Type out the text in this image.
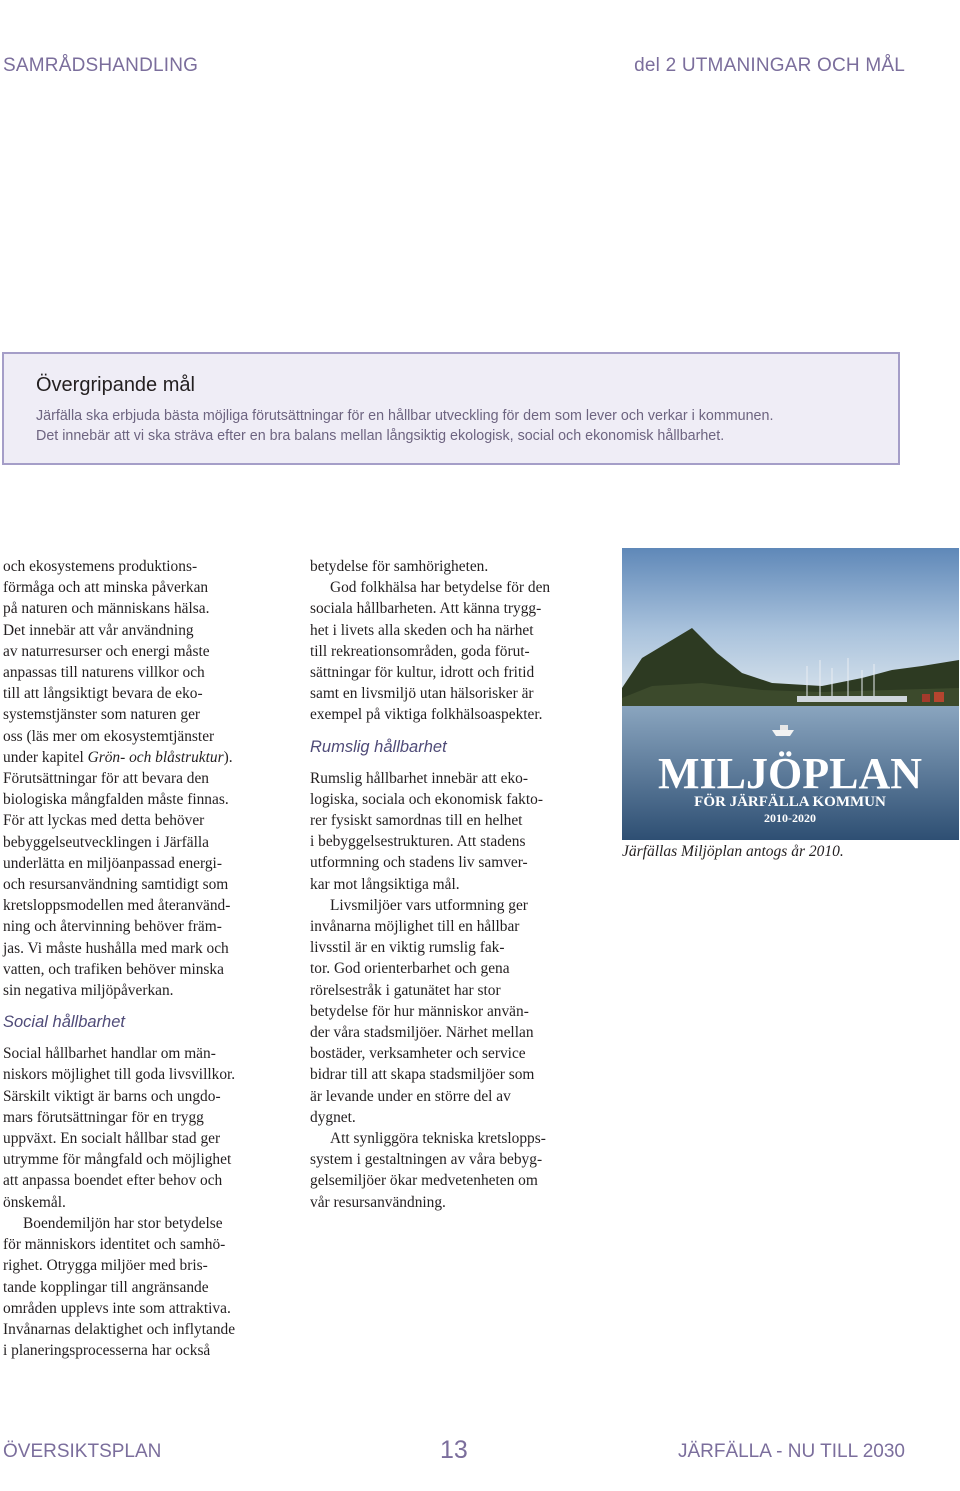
SAMRÅDSHANDLING	del 2 UTMANINGAR OCH MÅL
Övergripande mål
Järfälla ska erbjuda bästa möjliga förutsättningar för en hållbar utveckling för dem som lever och verkar i kommunen.
Det innebär att vi ska sträva efter en bra balans mellan långsiktig ekologisk, social och ekonomisk hållbarhet.

och ekosystemens produktions-
förmåga och att minska påverkan
på naturen och människans hälsa.
Det innebär att vår användning
av naturresurser och energi måste
anpassas till naturens villkor och
till att långsiktigt bevara de eko-
systemstjänster som naturen ger
oss (läs mer om ekosystemtjänster
under kapitel Grön- och blåstruktur).
Förutsättningar för att bevara den
biologiska mångfalden måste finnas.
För att lyckas med detta behöver
bebyggelseutvecklingen i Järfälla
underlätta en miljöanpassad energi-
och resursanvändning samtidigt som
kretsloppsmodellen med återanvänd-
ning och återvinning behöver främ-
jas. Vi måste hushålla med mark och
vatten, och trafiken behöver minska
sin negativa miljöpåverkan.

Social hållbarhet

Social hållbarhet handlar om män-
niskors möjlighet till goda livsvillkor.
Särskilt viktigt är barns och ungdo-
mars förutsättningar för en trygg
uppväxt. En socialt hållbar stad ger
utrymme för mångfald och möjlighet
att anpassa boendet efter behov och
önskemål.

Boendemiljön har stor betydelse
för människors identitet och samhö-
righet. Otrygga miljöer med bris-
tande kopplingar till angränsande
områden upplevs inte som attraktiva.
Invånarnas delaktighet och inflytande
i planeringsprocesserna har också

betydelse för samhörigheten.

God folkhälsa har betydelse för den
sociala hållbarheten. Att känna trygg-
het i livets alla skeden och ha närhet
till rekreationsområden, goda förut-
sättningar för kultur, idrott och fritid
samt en livsmiljö utan hälsorisker är
exempel på viktiga folkhälsoaspekter.

Rumslig hållbarhet

Rumslig hållbarhet innebär att eko-
logiska, sociala och ekonomisk fakto-
rer fysiskt samordnas till en helhet
i bebyggelsestrukturen. Att stadens
utformning och stadens liv samver-
kar mot långsiktiga mål.

Livsmiljöer vars utformning ger
invånarna möjlighet till en hållbar
livsstil är en viktig rumslig fak-
tor. God orienterbarhet och gena
rörelsestråk i gatunätet har stor
betydelse för hur människor använ-
der våra stadsmiljöer. Närhet mellan
bostäder, verksamheter och service
bidrar till att skapa stadsmiljöer som
är levande under en större del av
dygnet.

Att synliggöra tekniska kretslopps-
system i gestaltningen av våra bebyg-
gelsemiljöer ökar medvetenheten om
vår resursanvändning.

MILJÖPLAN
FÖR JÄRFÄLLA KOMMUN
2010-2020
Järfällas Miljöplan antogs år 2010.
ÖVERSIKTSPLAN	13	JÄRFÄLLA - NU TILL 2030
